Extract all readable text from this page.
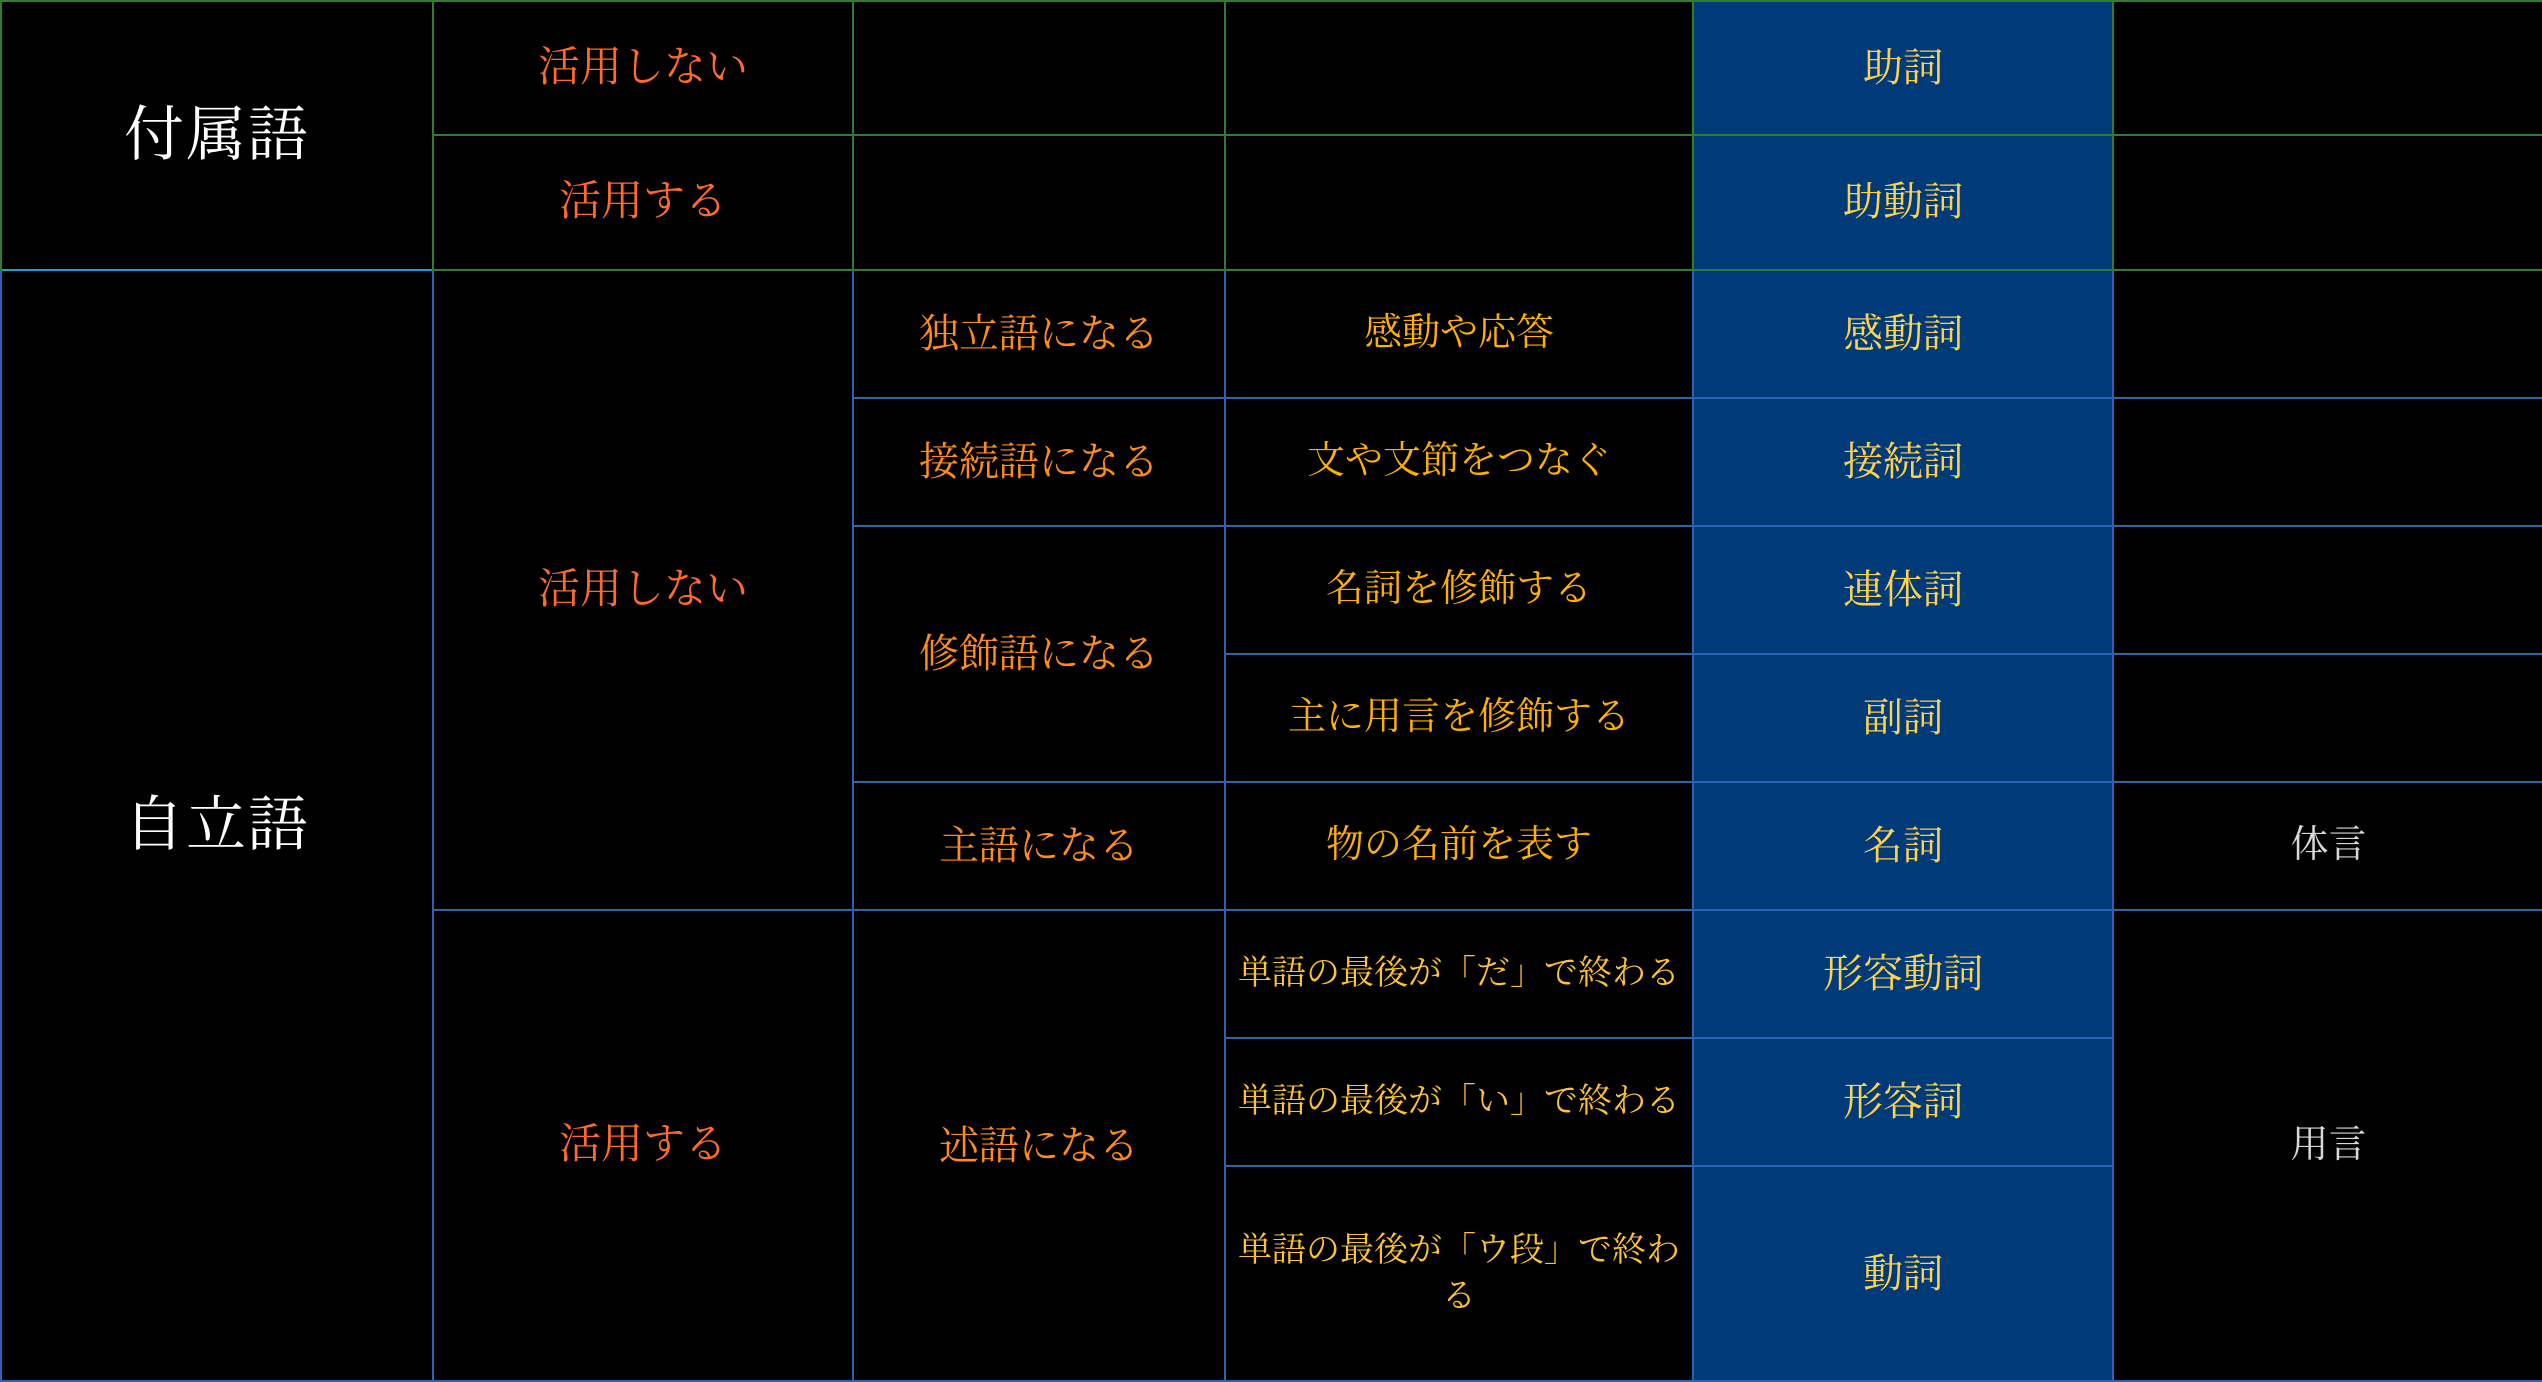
付属語	活用しない			助詞	
	活用する			助動詞	
自立語	活用しない	独立語になる	感動や応答	感動詞	
		接続語になる	文や文節をつなぐ	接続詞	
		修飾語になる	名詞を修飾する	連体詞	
			主に用言を修飾する	副詞	
		主語になる	物の名前を表す	名詞	体言
	活用する	述語になる	単語の最後が「だ」で終わる	形容動詞	用言
			単語の最後が「い」で終わる	形容詞	
			単語の最後が「ウ段」で終わる	動詞	
